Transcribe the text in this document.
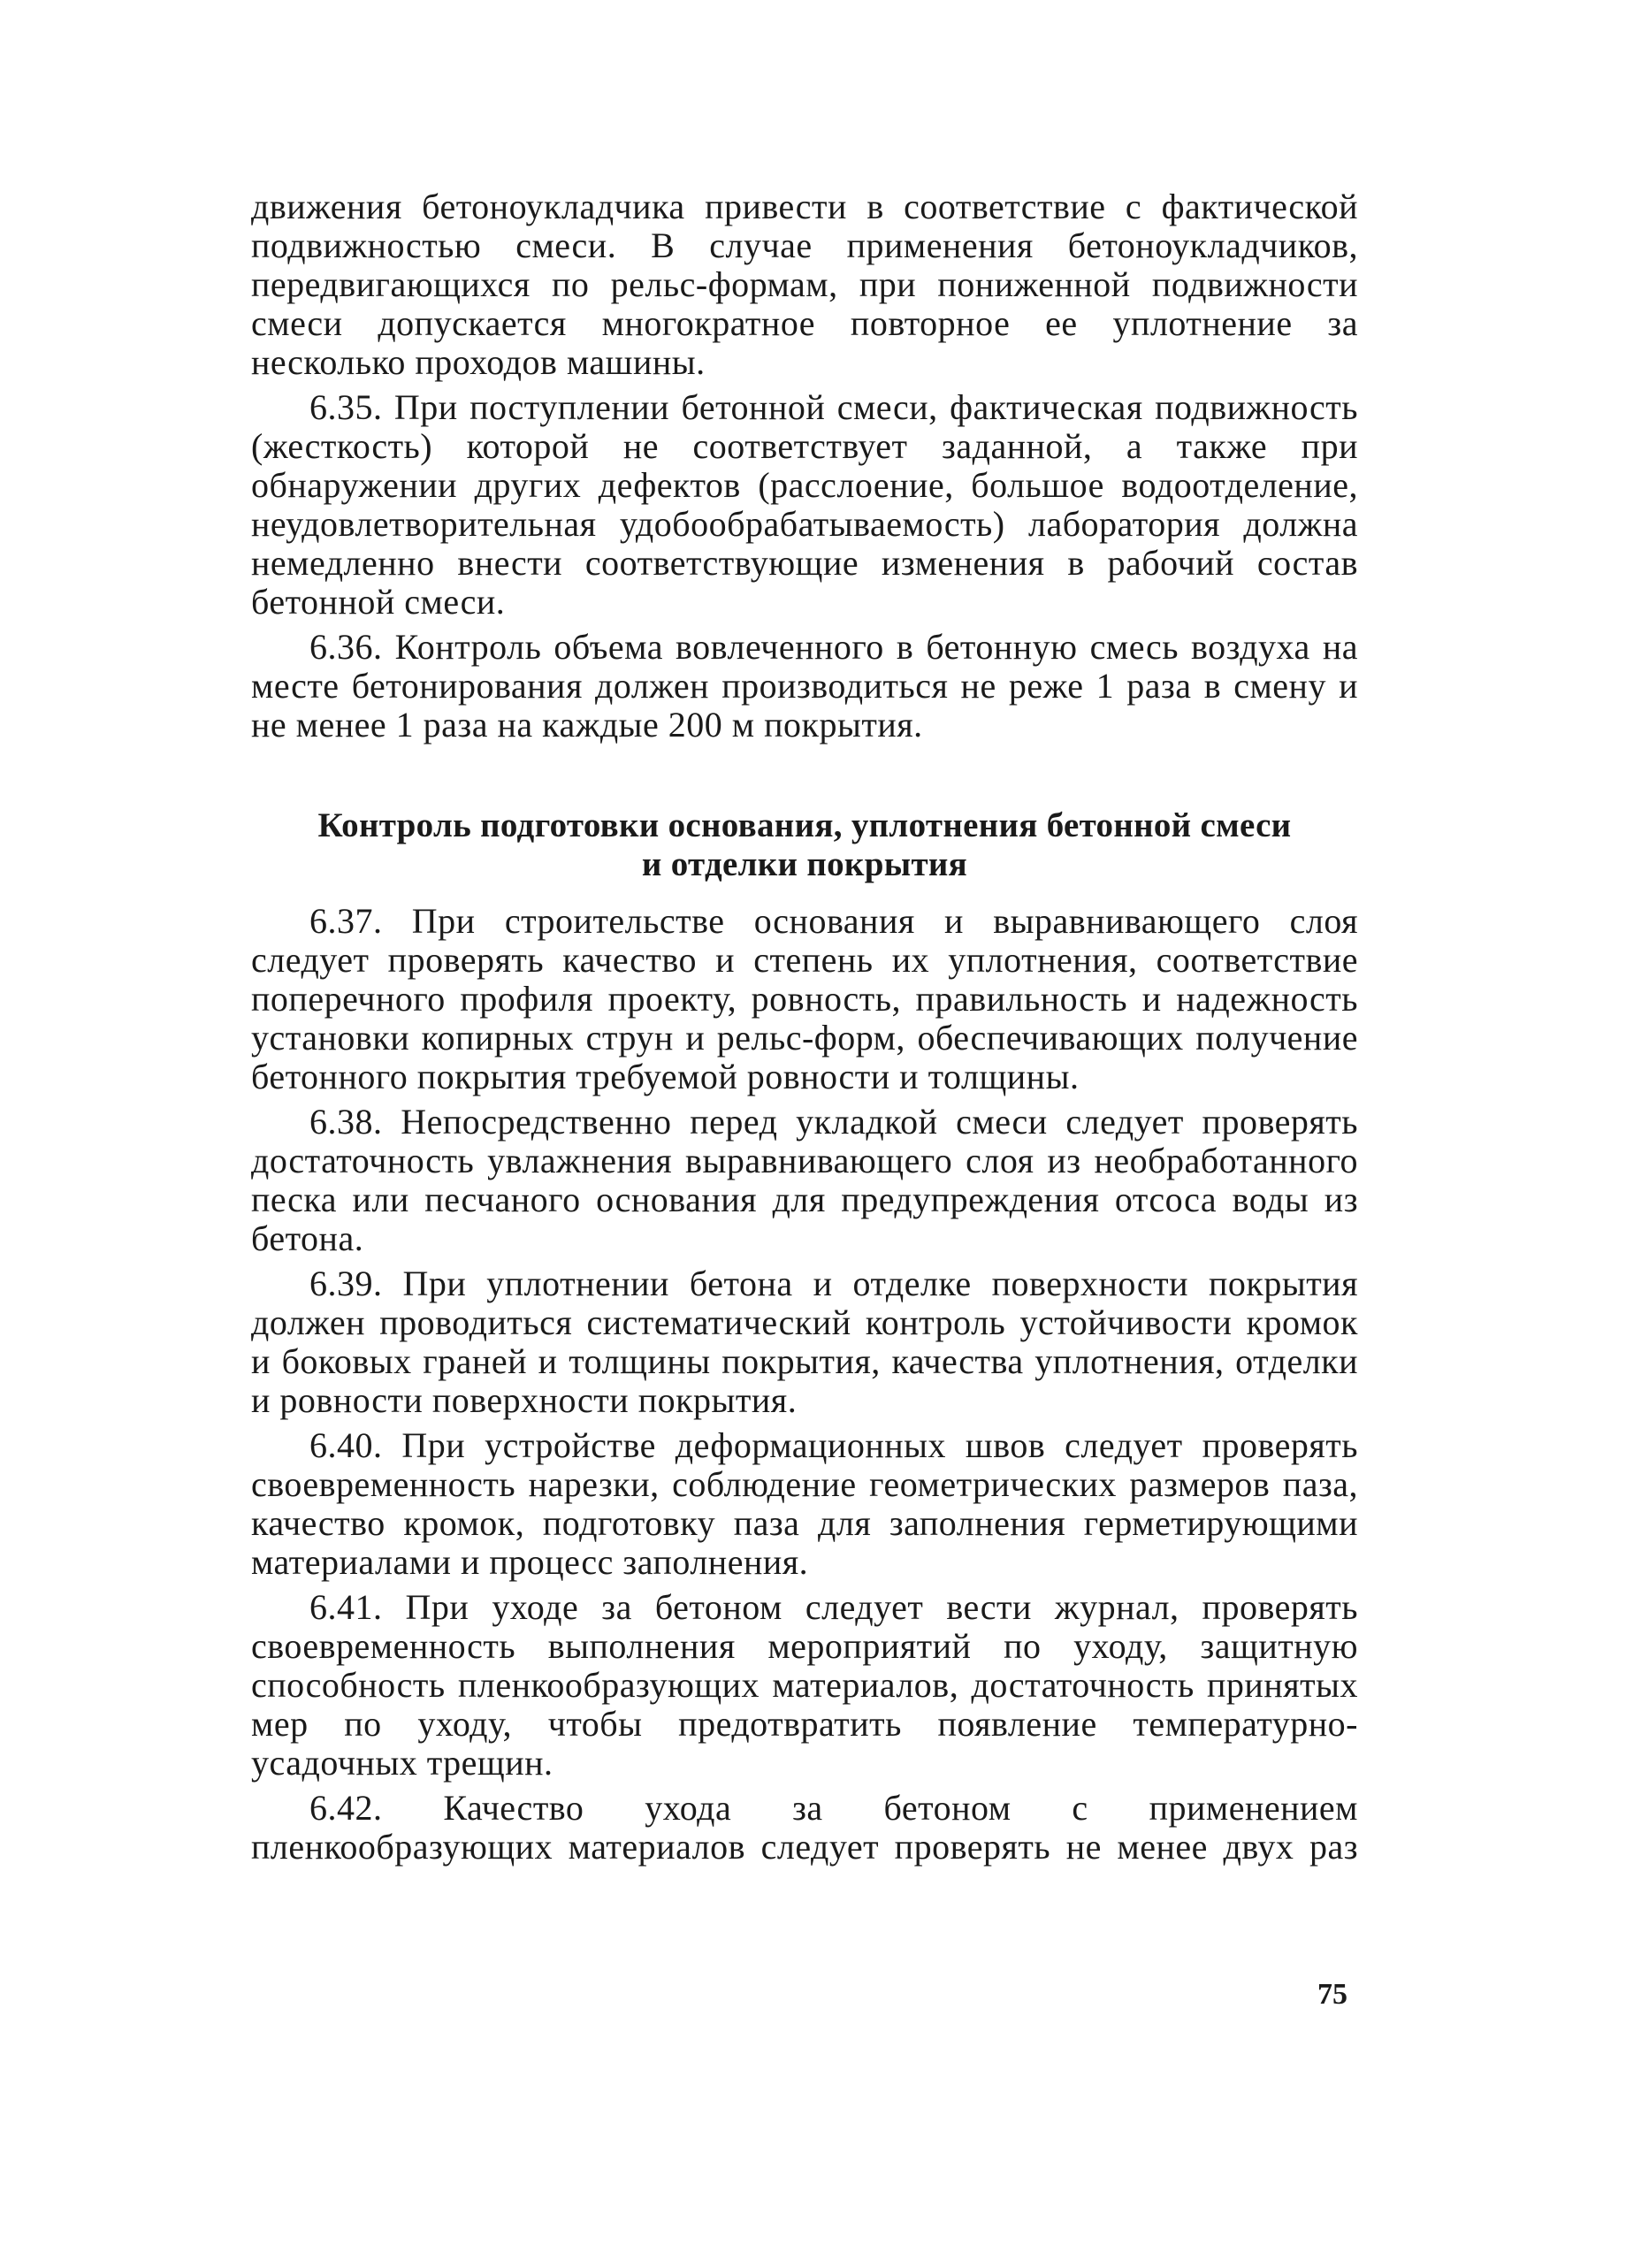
движения бетоноукладчика привести в соответствие с фактической подвижностью смеси. В случае применения бетоноукладчиков, передвигающихся по рельс-формам, при пониженной подвижности смеси допускается многократное повторное ее уплотнение за несколько проходов машины.

6.35. При поступлении бетонной смеси, фактическая подвижность (жесткость) которой не соответствует заданной, а также при обнаружении других дефектов (расслоение, большое водоотделение, неудовлетворительная удобообрабатываемость) лаборатория должна немедленно внести соответствующие изменения в рабочий состав бетонной смеси.

6.36. Контроль объема вовлеченного в бетонную смесь воздуха на месте бетонирования должен производиться не реже 1 раза в смену и не менее 1 раза на каждые 200 м покрытия.

Контроль подготовки основания, уплотнения бетонной смеси
и отделки покрытия

6.37. При строительстве основания и выравнивающего слоя следует проверять качество и степень их уплотнения, соответствие поперечного профиля проекту, ровность, правильность и надежность установки копирных струн и рельс-форм, обеспечивающих получение бетонного покрытия требуемой ровности и толщины.

6.38. Непосредственно перед укладкой смеси следует проверять достаточность увлажнения выравнивающего слоя из необработанного песка или песчаного основания для предупреждения отсоса воды из бетона.

6.39. При уплотнении бетона и отделке поверхности покрытия должен проводиться систематический контроль устойчивости кромок и боковых граней и толщины покрытия, качества уплотнения, отделки и ровности поверхности покрытия.

6.40. При устройстве деформационных швов следует проверять своевременность нарезки, соблюдение геометрических размеров паза, качество кромок, подготовку паза для заполнения герметирующими материалами и процесс заполнения.

6.41. При уходе за бетоном следует вести журнал, проверять своевременность выполнения мероприятий по уходу, защитную способность пленкообразующих материалов, достаточность принятых мер по уходу, чтобы предотвратить появление температурно-усадочных трещин.

6.42. Качество ухода за бетоном с применением пленкообразующих материалов следует проверять не менее двух раз

75
